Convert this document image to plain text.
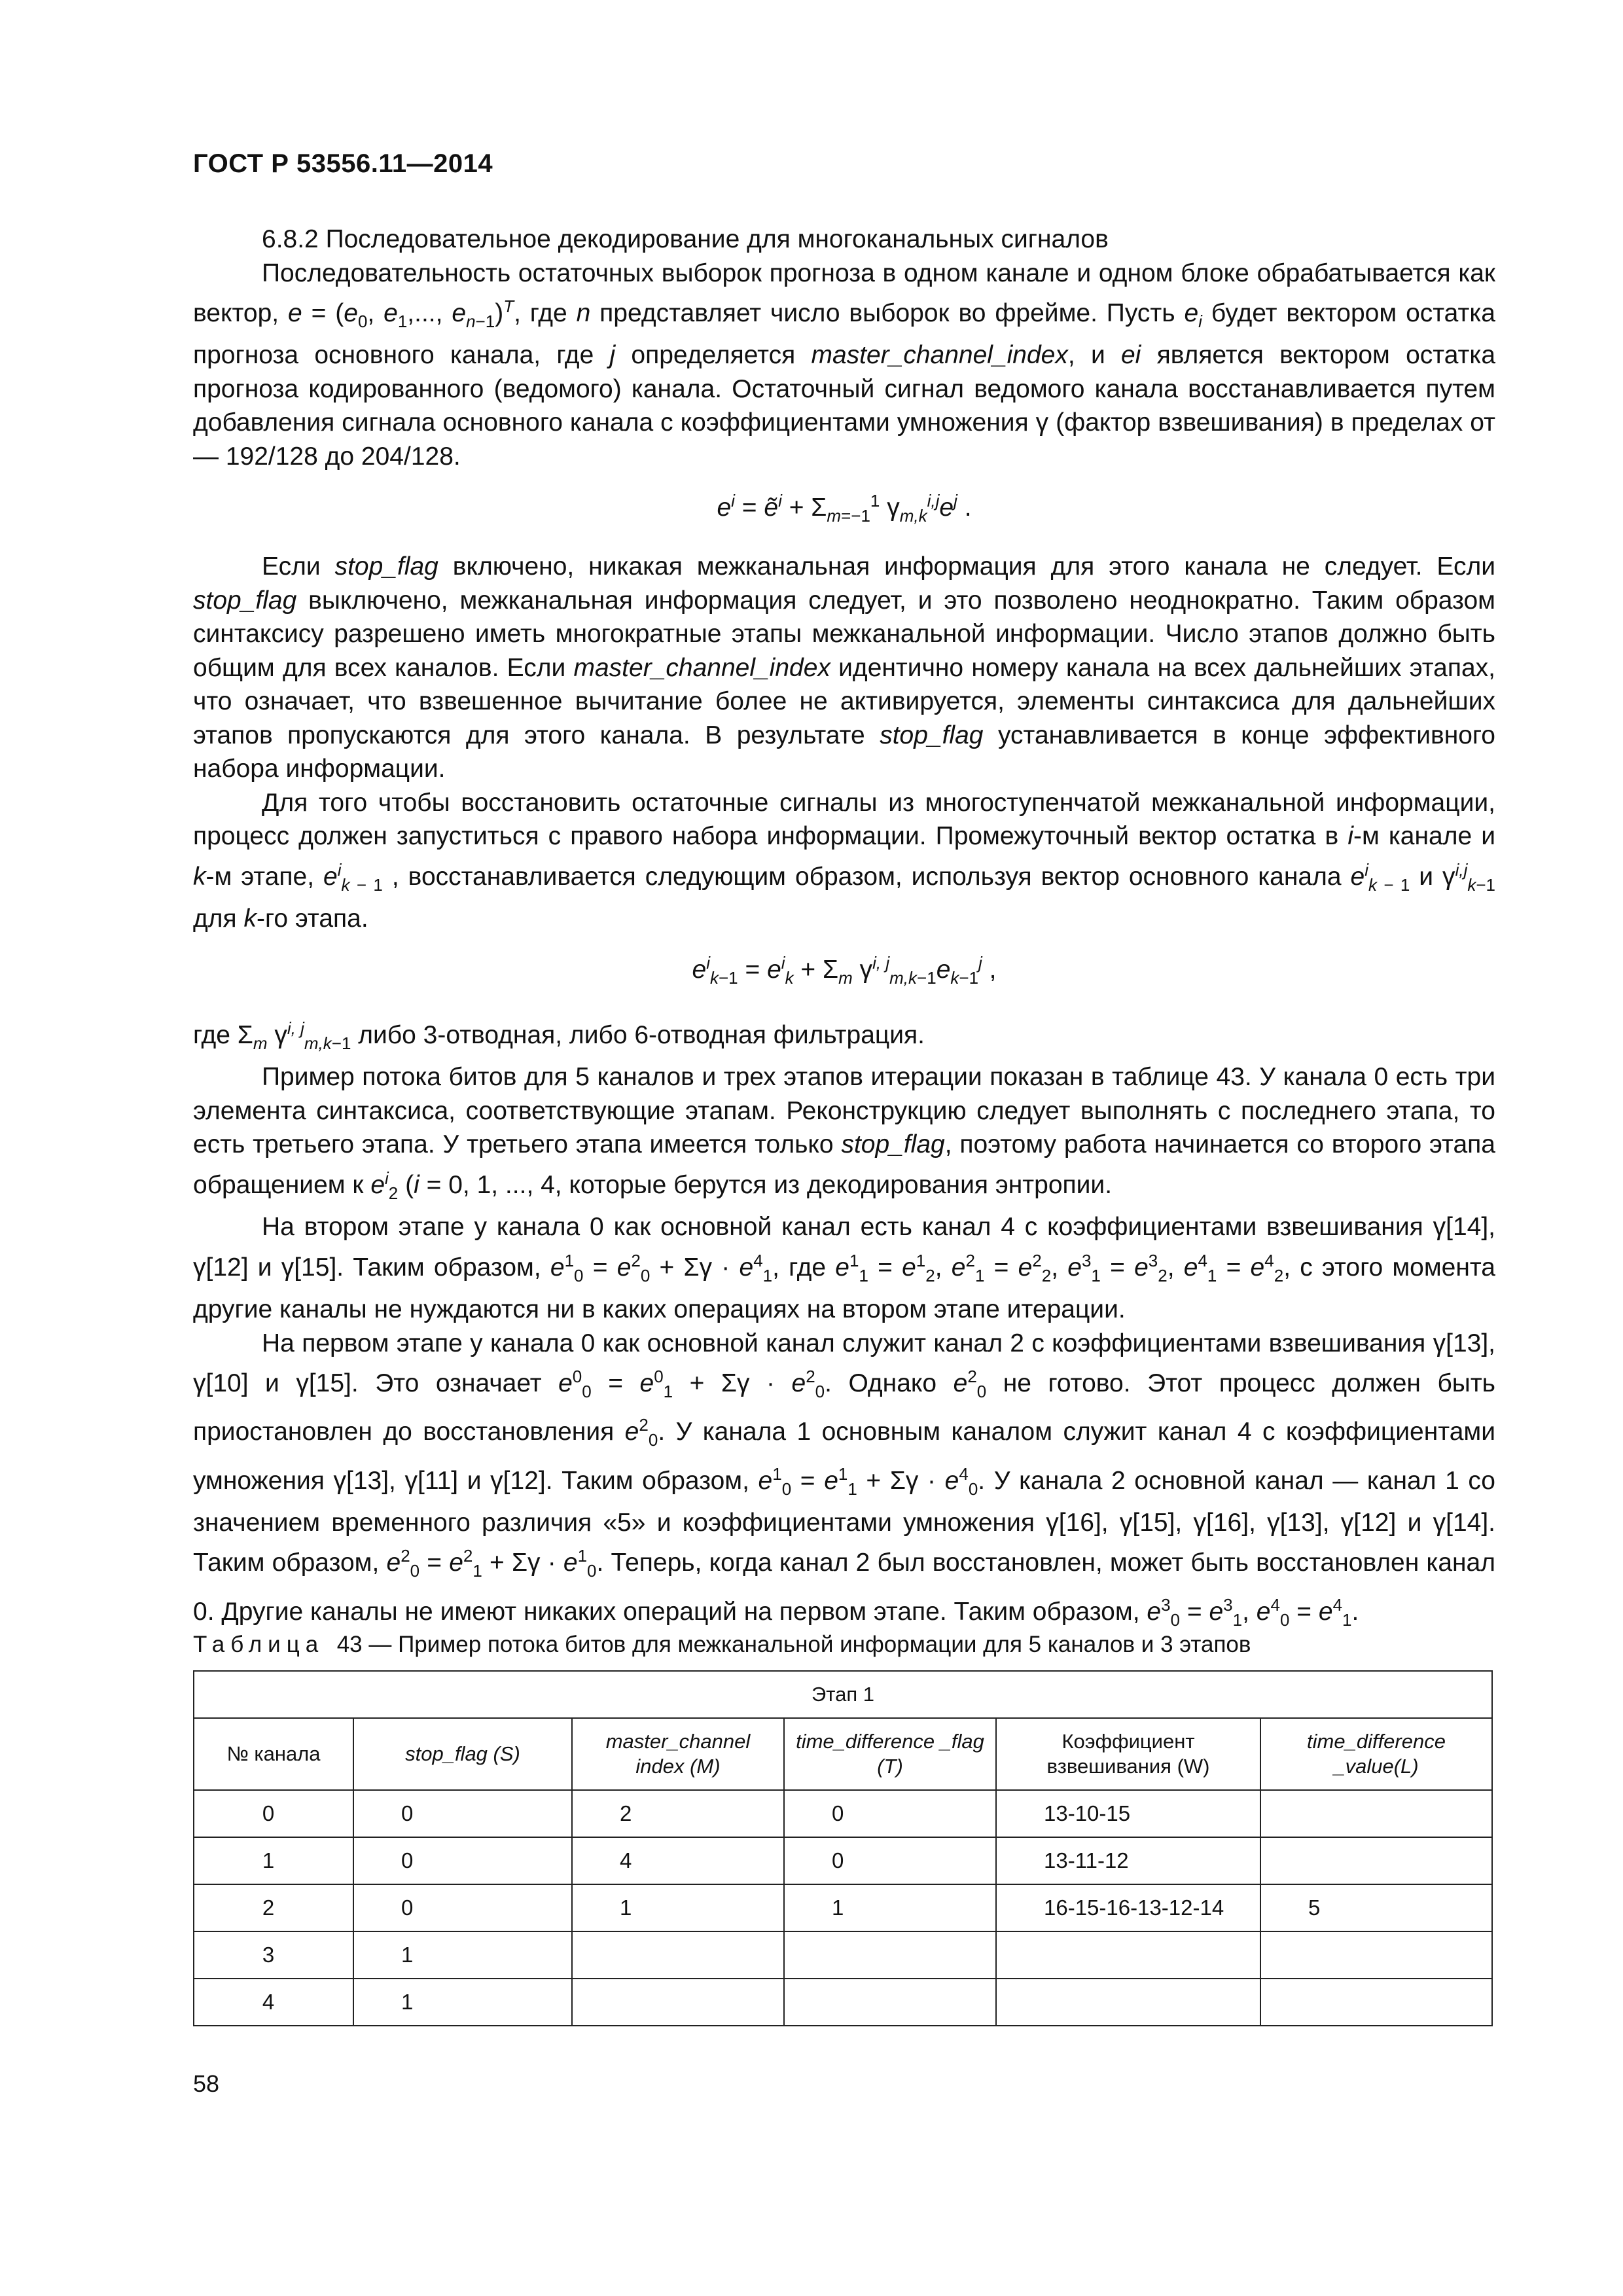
ГОСТ Р 53556.11—2014

6.8.2 Последовательное декодирование для многоканальных сигналов

Последовательность остаточных выборок прогноза в одном канале и одном блоке обрабатывается как вектор, $e = (e_0$, $e_1$,..., $e_{n-1})^T$, где n представляет число выборок во фрейме. Пусть $e_i$ будет вектором остатка прогноза основного канала, где j определяется master_channel_index, и ei является вектором остатка прогноза кодированного (ведомого) канала. Остаточный сигнал ведомого канала восстанавливается путем добавления сигнала основного канала с коэффициентами умножения γ (фактор взвешивания) в пределах от — 192/128 до 204/128.

$e^i$ = ẽ$^i$ + $\Sigma_{m=-1}^1$ $\gamma_{m,k}^{i,j}e^j$ .

Если stop_flag включено, никакая межканальная информация для этого канала не следует. Если stop_flag выключено, межканальная информация следует, и это позволено неоднократно. Таким образом синтаксису разрешено иметь многократные этапы межканальной информации. Число этапов должно быть общим для всех каналов. Если master_channel_index идентично номеру канала на всех дальнейших этапах, что означает, что взвешенное вычитание более не активируется, элементы синтаксиса для дальнейших этапов пропускаются для этого канала. В результате stop_flag устанавливается в конце эффективного набора информации.

Для того чтобы восстановить остаточные сигналы из многоступенчатой межканальной информации, процесс должен запуститься с правого набора информации. Промежуточный вектор остатка в i-м канале и k-м этапе, $e^i_{k - 1}$ , восстанавливается следующим образом, используя вектор основного канала $e^i_{k - 1}$ и $\gamma^{i,j}_{k-1}$ для k-го этапа.

$e^i_{k-1} = e^i_k + \Sigma_m$ $\gamma^{i, j}_{m,k-1}e_{k-1}^j$ ,

где $\Sigma_m$ $\gamma^{i, j}_{m,k-1}$ либо 3-отводная, либо 6-отводная фильтрация.

Пример потока битов для 5 каналов и трех этапов итерации показан в таблице 43. У канала 0 есть три элемента синтаксиса, соответствующие этапам. Реконструкцию следует выполнять с последнего этапа, то есть третьего этапа. У третьего этапа имеется только stop_flag, поэтому работа начинается со второго этапа обращением к $e^i_2$ (i = 0, 1, ..., 4, которые берутся из декодирования энтропии.

На втором этапе у канала 0 как основной канал есть канал 4 с коэффициентами взвешивания γ[14], γ[12] и γ[15]. Таким образом, $e^1_0 = e^2_0 + \Sigma\gamma \cdot e^4_1$, где $e^1_1 = e^1_2$, $e^2_1 = e^2_2$, $e^3_1 = e^3_2$, $e^4_1 = e^4_2$, с этого момента другие каналы не нуждаются ни в каких операциях на втором этапе итерации.

На первом этапе у канала 0 как основной канал служит канал 2 с коэффициентами взвешивания γ[13], γ[10] и γ[15]. Это означает $e^0_0 = e^0_1 + \Sigma\gamma \cdot e^2_0$. Однако $e^2_0$ не готово. Этот процесс должен быть приостановлен до восстановления $e^2_0$. У канала 1 основным каналом служит канал 4 с коэффициентами умножения γ[13], γ[11] и γ[12]. Таким образом, $e^1_0 = e^1_1 + \Sigma\gamma \cdot e^4_0$. У канала 2 основной канал — канал 1 со значением временного различия «5» и коэффициентами умножения γ[16], γ[15], γ[16], γ[13], γ[12] и γ[14]. Таким образом, $e^2_0 = e^2_1 + \Sigma\gamma \cdot e^1_0$. Теперь, когда канал 2 был восстановлен, может быть восстановлен канал 0. Другие каналы не имеют никаких операций на первом этапе. Таким образом, $e^3_0 = e^3_1$, $e^4_0 = e^4_1$.

Таблица 43 — Пример потока битов для межканальной информации для 5 каналов и 3 этапов
Этап 1					
№ канала	stop_flag (S)	master_channel index (M)	time_difference _flag (T)	Коэффициент взвешивания (W)	time_difference _value(L)
0	0	2	0	13-10-15	
1	0	4	0	13-11-12	
2	0	1	1	16-15-16-13-12-14	5
3	1				
4	1				
58
